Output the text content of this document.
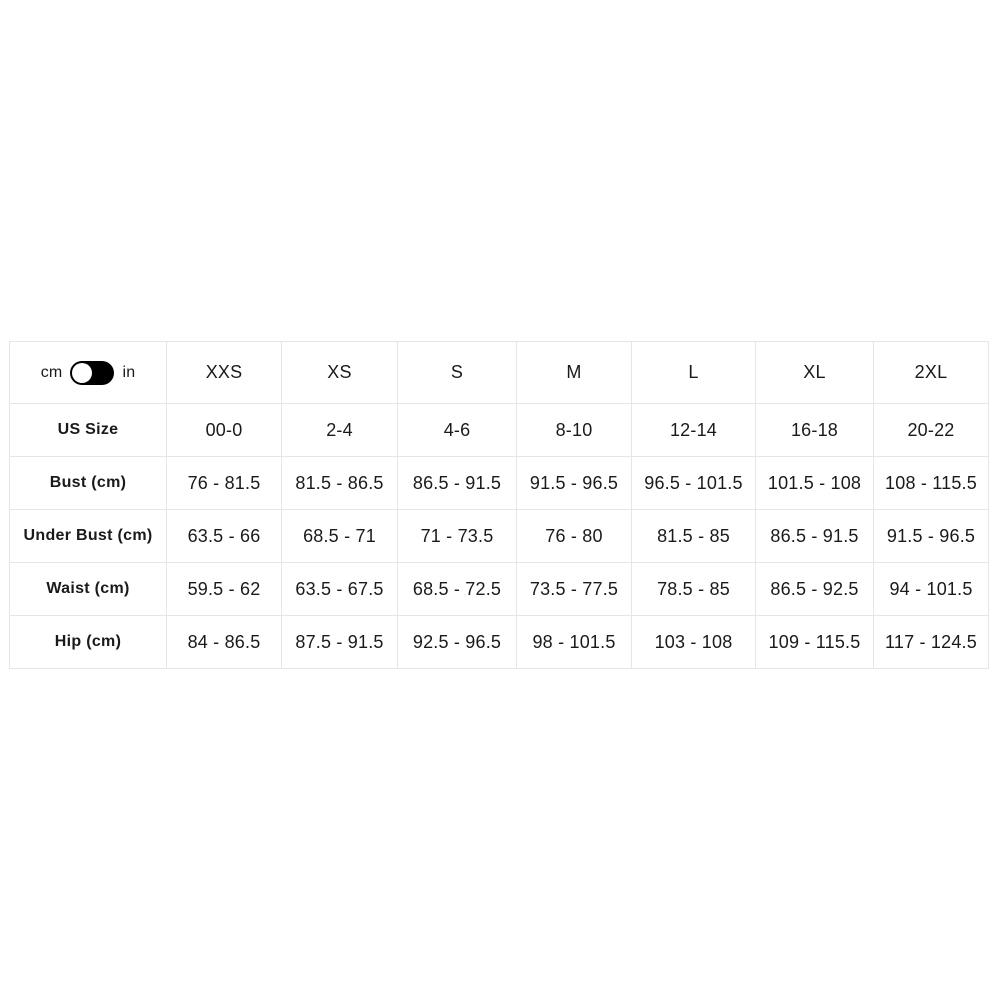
cm in	XXS	XS	S	M	L	XL	2XL
US Size	00-0	2-4	4-6	8-10	12-14	16-18	20-22
Bust (cm)	76 - 81.5	81.5 - 86.5	86.5 - 91.5	91.5 - 96.5	96.5 - 101.5	101.5 - 108	108 - 115.5
Under Bust (cm)	63.5 - 66	68.5 - 71	71 - 73.5	76 - 80	81.5 - 85	86.5 - 91.5	91.5 - 96.5
Waist (cm)	59.5 - 62	63.5 - 67.5	68.5 - 72.5	73.5 - 77.5	78.5 - 85	86.5 - 92.5	94 - 101.5
Hip (cm)	84 - 86.5	87.5 - 91.5	92.5 - 96.5	98 - 101.5	103 - 108	109 - 115.5	117 - 124.5
